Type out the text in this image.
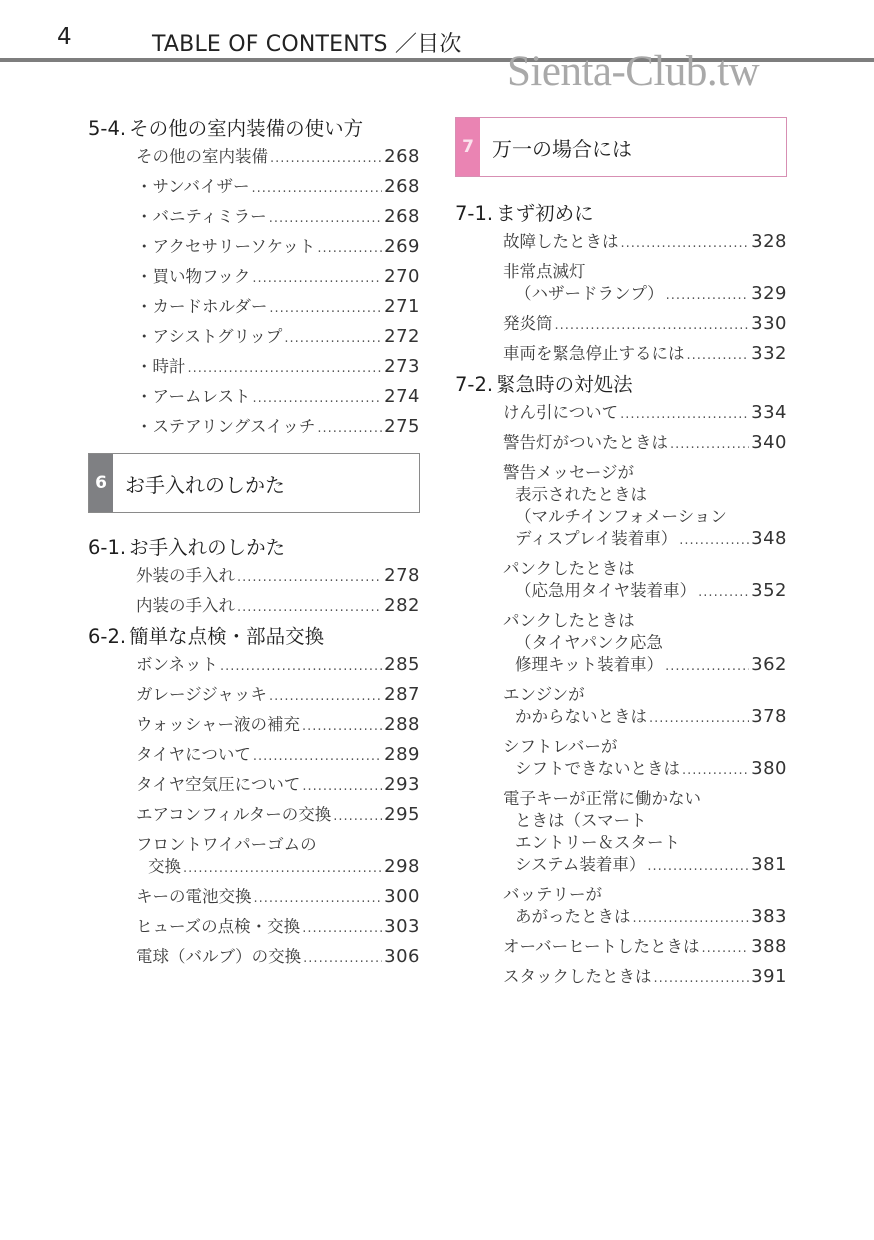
4	TABLE OF CONTENTS ／目次
Sienta-Club.tw
5-4. その他の室内装備の使い方
その他の室内装備 .....	268
・サンバイザー .....	268
・バニティミラー .....	268
・アクセサリーソケット .....	269
・買い物フック .....	270
・カードホルダー .....	271
・アシストグリップ .....	272
・時計 .....	273
・アームレスト .....	274
・ステアリングスイッチ .....	275
6 お手入れのしかた
6-1. お手入れのしかた
外装の手入れ .....	278
内装の手入れ .....	282
6-2. 簡単な点検・部品交換
ボンネット .....	285
ガレージジャッキ .....	287
ウォッシャー液の補充 .....	288
タイヤについて .....	289
タイヤ空気圧について .....	293
エアコンフィルターの交換 .....	295
フロントワイパーゴムの
交換 .....	298
キーの電池交換 .....	300
ヒューズの点検・交換 .....	303
電球（バルブ）の交換 .....	306
7 万一の場合には
7-1. まず初めに
故障したときは .....	328
非常点滅灯
（ハザードランプ） .....	329
発炎筒 .....	330
車両を緊急停止するには .....	332
7-2. 緊急時の対処法
けん引について .....	334
警告灯がついたときは .....	340
警告メッセージが
表示されたときは
（マルチインフォメーション
ディスプレイ装着車） .....	348
パンクしたときは
（応急用タイヤ装着車） .....	352
パンクしたときは
（タイヤパンク応急
修理キット装着車） .....	362
エンジンが
かからないときは .....	378
シフトレバーが
シフトできないときは .....	380
電子キーが正常に働かない
ときは（スマート
エントリー＆スタート
システム装着車） .....	381
バッテリーが
あがったときは .....	383
オーバーヒートしたときは .....	388
スタックしたときは .....	391
